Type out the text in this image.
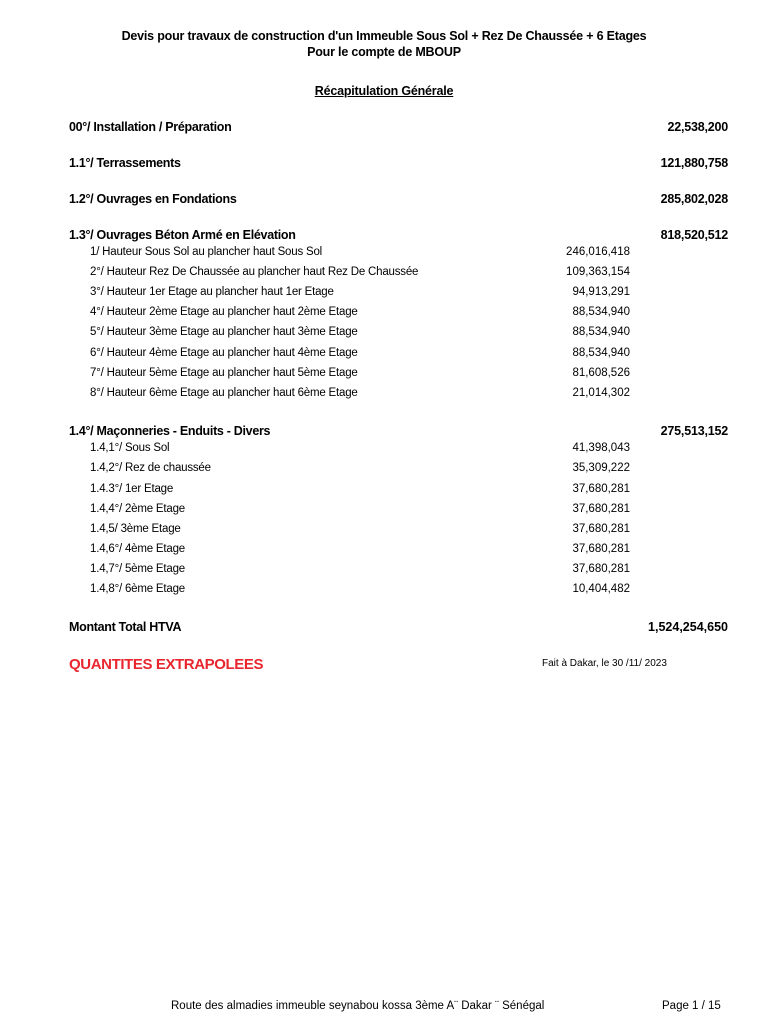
Devis pour travaux de construction d'un Immeuble Sous Sol + Rez De Chaussée + 6 Etages
Pour le compte de MBOUP
Récapitulation Générale
00°/ Installation / Préparation	22,538,200
1.1°/ Terrassements	121,880,758
1.2°/ Ouvrages en Fondations	285,802,028
1.3°/ Ouvrages Béton Armé en Elévation	818,520,512
1/ Hauteur Sous Sol au plancher haut Sous Sol	246,016,418
2°/ Hauteur Rez De Chaussée au plancher haut Rez De Chaussée	109,363,154
3°/ Hauteur 1er Etage au plancher haut 1er Etage	94,913,291
4°/ Hauteur 2ème Etage au plancher haut 2ème Etage	88,534,940
5°/ Hauteur 3ème Etage au plancher haut 3ème Etage	88,534,940
6°/ Hauteur 4ème Etage au plancher haut 4ème Etage	88,534,940
7°/ Hauteur 5ème Etage au plancher haut 5ème Etage	81,608,526
8°/ Hauteur 6ème Etage au plancher haut 6ème Etage	21,014,302
1.4°/ Maçonneries - Enduits - Divers	275,513,152
1.4,1°/ Sous Sol	41,398,043
1.4,2°/ Rez de chaussée	35,309,222
1.4.3°/ 1er Etage	37,680,281
1.4,4°/ 2ème Etage	37,680,281
1.4,5/ 3ème Etage	37,680,281
1.4,6°/ 4ème Etage	37,680,281
1.4,7°/ 5ème Etage	37,680,281
1.4,8°/ 6ème Etage	10,404,482
Montant Total HTVA	1,524,254,650
QUANTITES EXTRAPOLEES	Fait à Dakar, le 30 /11/ 2023
Route des almadies immeuble seynabou kossa 3ème A¨ Dakar ¨ Sénégal	Page 1 / 15
